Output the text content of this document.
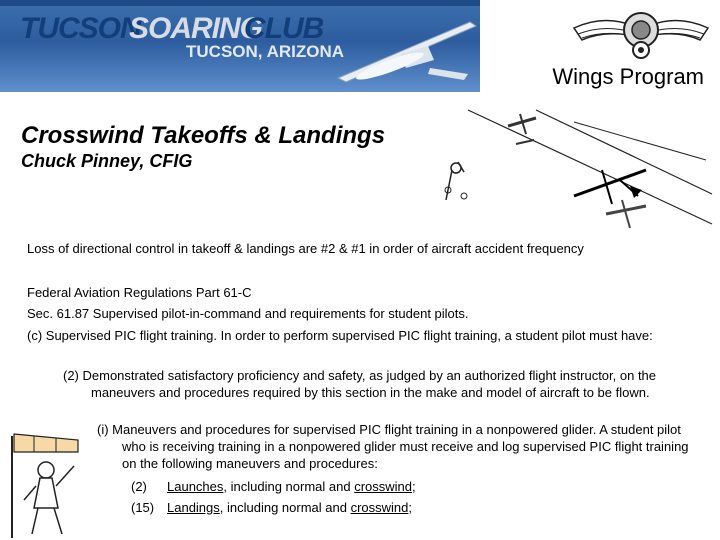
TUCSON
SOARING
CLUB
TUCSON, ARIZONA
Wings Program
Crosswind Takeoffs & Landings
Chuck Pinney, CFIG
Loss of directional control in takeoff & landings are #2 & #1 in order of aircraft accident frequency
Federal Aviation Regulations Part 61-C
Sec. 61.87 Supervised pilot-in-command and requirements for student pilots.
(c) Supervised PIC flight training. In order to perform supervised PIC flight training, a student pilot must have:
(2) Demonstrated satisfactory proficiency and safety, as judged by an authorized flight instructor, on the maneuvers and procedures required by this section in the make and model of aircraft to be flown.
(i) Maneuvers and procedures for supervised PIC flight training in a nonpowered glider. A student pilot who is receiving training in a nonpowered glider must receive and log supervised PIC flight training on the following maneuvers and procedures:
(2) Launches, including normal and crosswind;
(15) Landings, including normal and crosswind;
